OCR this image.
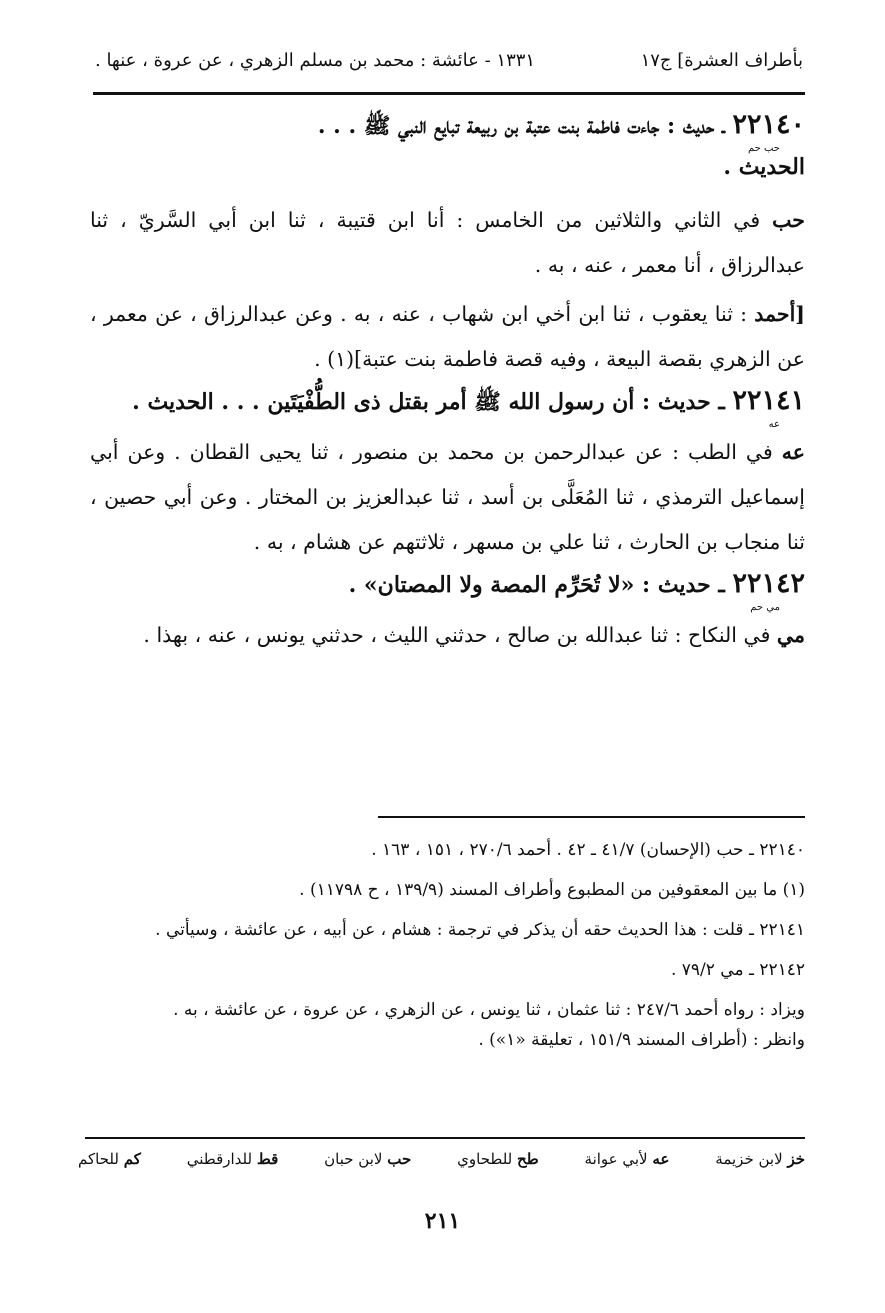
بأطراف العشرة] ج١٧
١٣٣١ - عائشة : محمد بن مسلم الزهري ، عن عروة ، عنها .

٢٢١٤٠ ـ حديث : جاءت فاطمة بنت عتبة بن ربيعة تبايع النبي ﷺ . . .

حب حم

الحديث .

حب في الثاني والثلاثين من الخامس : أنا ابن قتيبة ، ثنا ابن أبي السَّريّ ، ثنا عبدالرزاق ، أنا معمر ، عنه ، به .

[أحمد : ثنا يعقوب ، ثنا ابن أخي ابن شهاب ، عنه ، به . وعن عبدالرزاق ، عن معمر ، عن الزهري بقصة البيعة ، وفيه قصة فاطمة بنت عتبة](١) .

٢٢١٤١ ـ حديث : أن رسول الله ﷺ أمر بقتل ذى الطُّفْيَتَين . . . الحديث .

عه

عه في الطب : عن عبدالرحمن بن محمد بن منصور ، ثنا يحيى القطان . وعن أبي إسماعيل الترمذي ، ثنا المُعَلَّى بن أسد ، ثنا عبدالعزيز بن المختار . وعن أبي حصين ، ثنا منجاب بن الحارث ، ثنا علي بن مسهر ، ثلاثتهم عن هشام ، به .

٢٢١٤٢ ـ حديث : «لا تُحَرِّم المصة ولا المصتان» .

مي حم

مي في النكاح : ثنا عبدالله بن صالح ، حدثني الليث ، حدثني يونس ، عنه ، بهذا .

٢٢١٤٠ ـ حب (الإحسان) ٤١/٧ ـ ٤٢ . أحمد ٢٧٠/٦ ، ١٥١ ، ١٦٣ .

(١) ما بين المعقوفين من المطبوع وأطراف المسند (١٣٩/٩ ، ح ١١٧٩٨) .

٢٢١٤١ ـ قلت : هذا الحديث حقه أن يذكر في ترجمة : هشام ، عن أبيه ، عن عائشة ، وسيأتي .

٢٢١٤٢ ـ مي ٧٩/٢ .

ويزاد : رواه أحمد ٢٤٧/٦ : ثنا عثمان ، ثنا يونس ، عن الزهري ، عن عروة ، عن عائشة ، به .

وانظر : (أطراف المسند ١٥١/٩ ، تعليقة «١») .

خز لابن خزيمة
عه لأبي عوانة
طح للطحاوي
حب لابن حبان
قط للدارقطني
كم للحاكم
٢١١
